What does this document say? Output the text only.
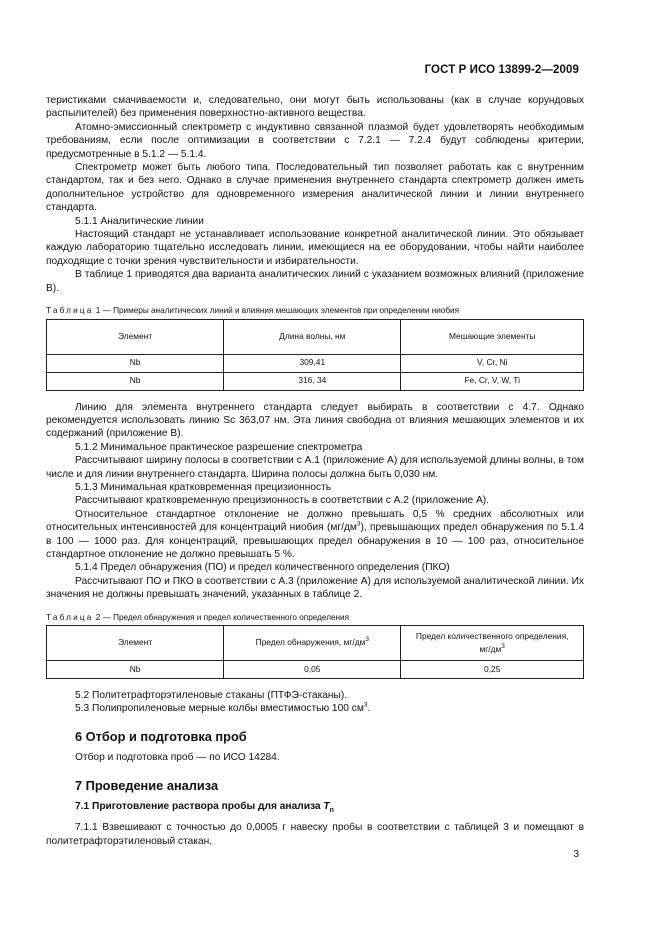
ГОСТ Р ИСО 13899-2—2009

теристиками смачиваемости и, следовательно, они могут быть использованы (как в случае корундовых распылителей) без применения поверхностно-активного вещества.

Атомно-эмиссионный спектрометр с индуктивно связанной плазмой будет удовлетворять необходимым требованиям, если после оптимизации в соответствии с 7.2.1 — 7.2.4 будут соблюдены критерии, предусмотренные в 5.1.2 — 5.1.4.

Спектрометр может быть любого типа. Последовательный тип позволяет работать как с внутренним стандартом, так и без него. Однако в случае применения внутреннего стандарта спектрометр должен иметь дополнительное устройство для одновременного измерения аналитической линии и линии внутреннего стандарта.

5.1.1 Аналитические линии

Настоящий стандарт не устанавливает использование конкретной аналитической линии. Это обязывает каждую лабораторию тщательно исследовать линии, имеющиеся на ее оборудовании, чтобы найти наиболее подходящие с точки зрения чувствительности и избирательности.

В таблице 1 приводятся два варианта аналитических линий с указанием возможных влияний (приложение В).

Таблица 1 — Примеры аналитических линий и влияния мешающих элементов при определении ниобия
Элемент	Длина волны, нм	Мешающие элементы
Nb	309,41	V, Cr, Ni
Nb	316, 34	Fe, Cr, V, W, Ti

Линию для элемента внутреннего стандарта следует выбирать в соответствии с 4.7. Однако рекомендуется использовать линию Sc 363,07 нм. Эта линия свободна от влияния мешающих элементов и их содержаний (приложение В).

5.1.2 Минимальное практическое разрешение спектрометра

Рассчитывают ширину полосы в соответствии с А.1 (приложение А) для используемой длины волны, в том числе и для линии внутреннего стандарта. Ширина полосы должна быть 0,030 нм.

5.1.3 Минимальная кратковременная прецизионность

Рассчитывают кратковременную прецизионность в соответствии с А.2 (приложение А).

Относительное стандартное отклонение не должно превышать 0,5 % средних абсолютных или относительных интенсивностей для концентраций ниобия $(мг/дм^3)$, превышающих предел обнаружения по 5.1.4 в 100 — 1000 раз. Для концентраций, превышающих предел обнаружения в 10 — 100 раз, относительное стандартное отклонение не должно превышать 5 %.

5.1.4 Предел обнаружения (ПО) и предел количественного определения (ПКО)

Рассчитывают ПО и ПКО в соответствии с А.3 (приложение А) для используемой аналитической линии. Их значения не должны превышать значений, указанных в таблице 2.

Таблица 2 — Предел обнаружения и предел количественного определения
Элемент	Предел обнаружения, $мг/дм^3$	Предел количественного определения,
$мг/дм^3$
Nb	0,05	0,25

5.2 Политетрафторэтиленовые стаканы (ПТФЭ-стаканы).

5.3 Полипропиленовые мерные колбы вместимостью 100 $см^3$.

6 Отбор и подготовка проб

Отбор и подготовка проб — по ИСО 14284.

7 Проведение анализа
7.1 Приготовление раствора пробы для анализа $T_n$

7.1.1 Взвешивают с точностью до 0,0005 г навеску пробы в соответствии с таблицей 3 и помещают в политетрафторэтиленовый стакан.

3
